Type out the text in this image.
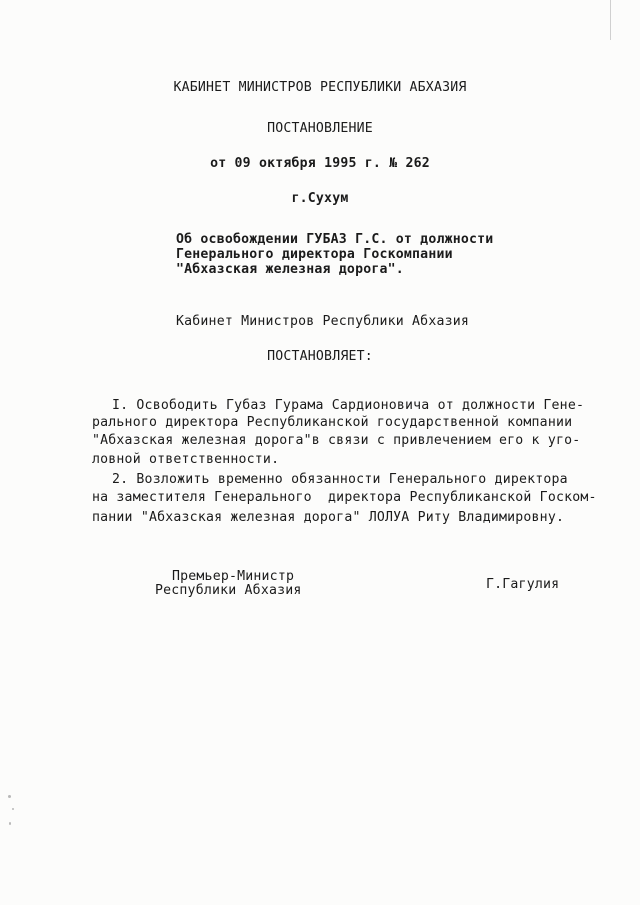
КАБИНЕТ МИНИСТРОВ РЕСПУБЛИКИ АБХАЗИЯ
ПОСТАНОВЛЕНИЕ
от 09 октября 1995 г. № 262
г.Сухум
Об освобождении ГУБАЗ Г.С. от должности
Генерального директора Госкомпании
"Абхазская железная дорога".
Кабинет Министров Республики Абхазия
ПОСТАНОВЛЯЕТ:
I. Освободить Губаз Гурама Сардионовича от должности Гене-
рального директора Республиканской государственной компании
"Абхазская железная дорога"в связи с привлечением его к уго-
ловной ответственности.
2. Возложить временно обязанности Генерального директора
на заместителя Генерального  директора Республиканской Госком-
пании "Абхазская железная дорога" ЛОЛУА Риту Владимировну.
Премьер-Министр
Республики Абхазия	Г.Гагулия
